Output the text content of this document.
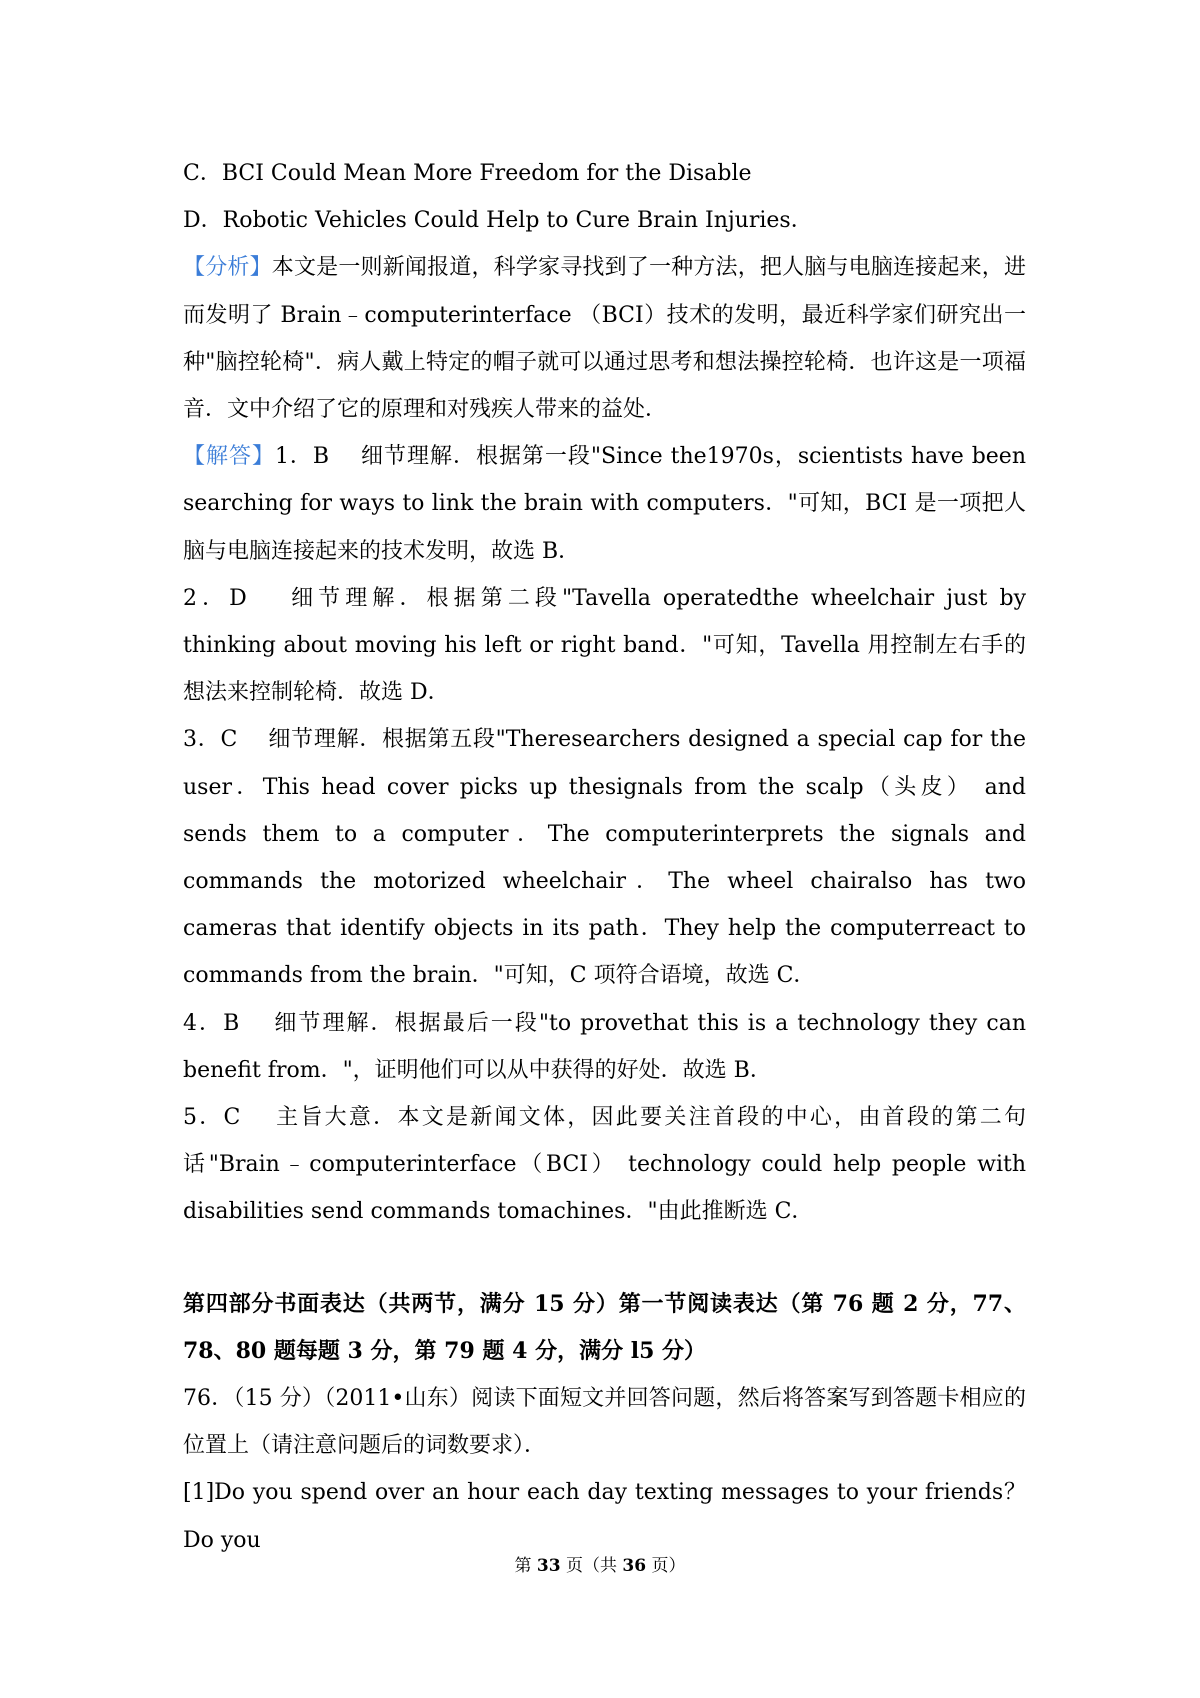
C．BCI Could Mean More Freedom for the Disable

D．Robotic Vehicles Could Help to Cure Brain Injuries．

【分析】本文是一则新闻报道，科学家寻找到了一种方法，把人脑与电脑连接起来，进而发明了 Brain﹣computerinterface （BCI）技术的发明，最近科学家们研究出一种"脑控轮椅"．病人戴上特定的帽子就可以通过思考和想法操控轮椅．也许这是一项福音．文中介绍了它的原理和对残疾人带来的益处．

【解答】1．B　 细节理解．根据第一段"Since the1970s，scientists have been searching for ways to link the brain with computers．"可知，BCI 是一项把人脑与电脑连接起来的技术发明，故选 B．

2．D　 细节理解．根据第二段"Tavella operatedthe wheelchair just by thinking about moving his left or right band．"可知，Tavella 用控制左右手的想法来控制轮椅．故选 D．

3．C　 细节理解．根据第五段"Theresearchers designed a special cap for the user．This head cover picks up thesignals from the scalp（头皮） and sends them to a computer．The computerinterprets the signals and commands the motorized wheelchair．The wheel chairalso has two cameras that identify objects in its path．They help the computerreact to commands from the brain．"可知，C 项符合语境，故选 C．

4．B　 细节理解．根据最后一段"to provethat this is a technology they can benefit from．"，证明他们可以从中获得的好处．故选 B．

5．C　 主旨大意．本文是新闻文体，因此要关注首段的中心，由首段的第二句话"Brain﹣computerinterface（BCI） technology could help people with disabilities send commands tomachines．"由此推断选 C．

第四部分书面表达（共两节，满分 15 分）第一节阅读表达（第 76 题 2 分，77、78、80 题每题 3 分，第 79 题 4 分，满分 l5 分）

76．（15 分）（2011•山东）阅读下面短文并回答问题，然后将答案写到答题卡相应的位置上（请注意问题后的词数要求）．

[1]Do you spend over an hour each day texting messages to your friends？Do you

第 33 页（共 36 页）
